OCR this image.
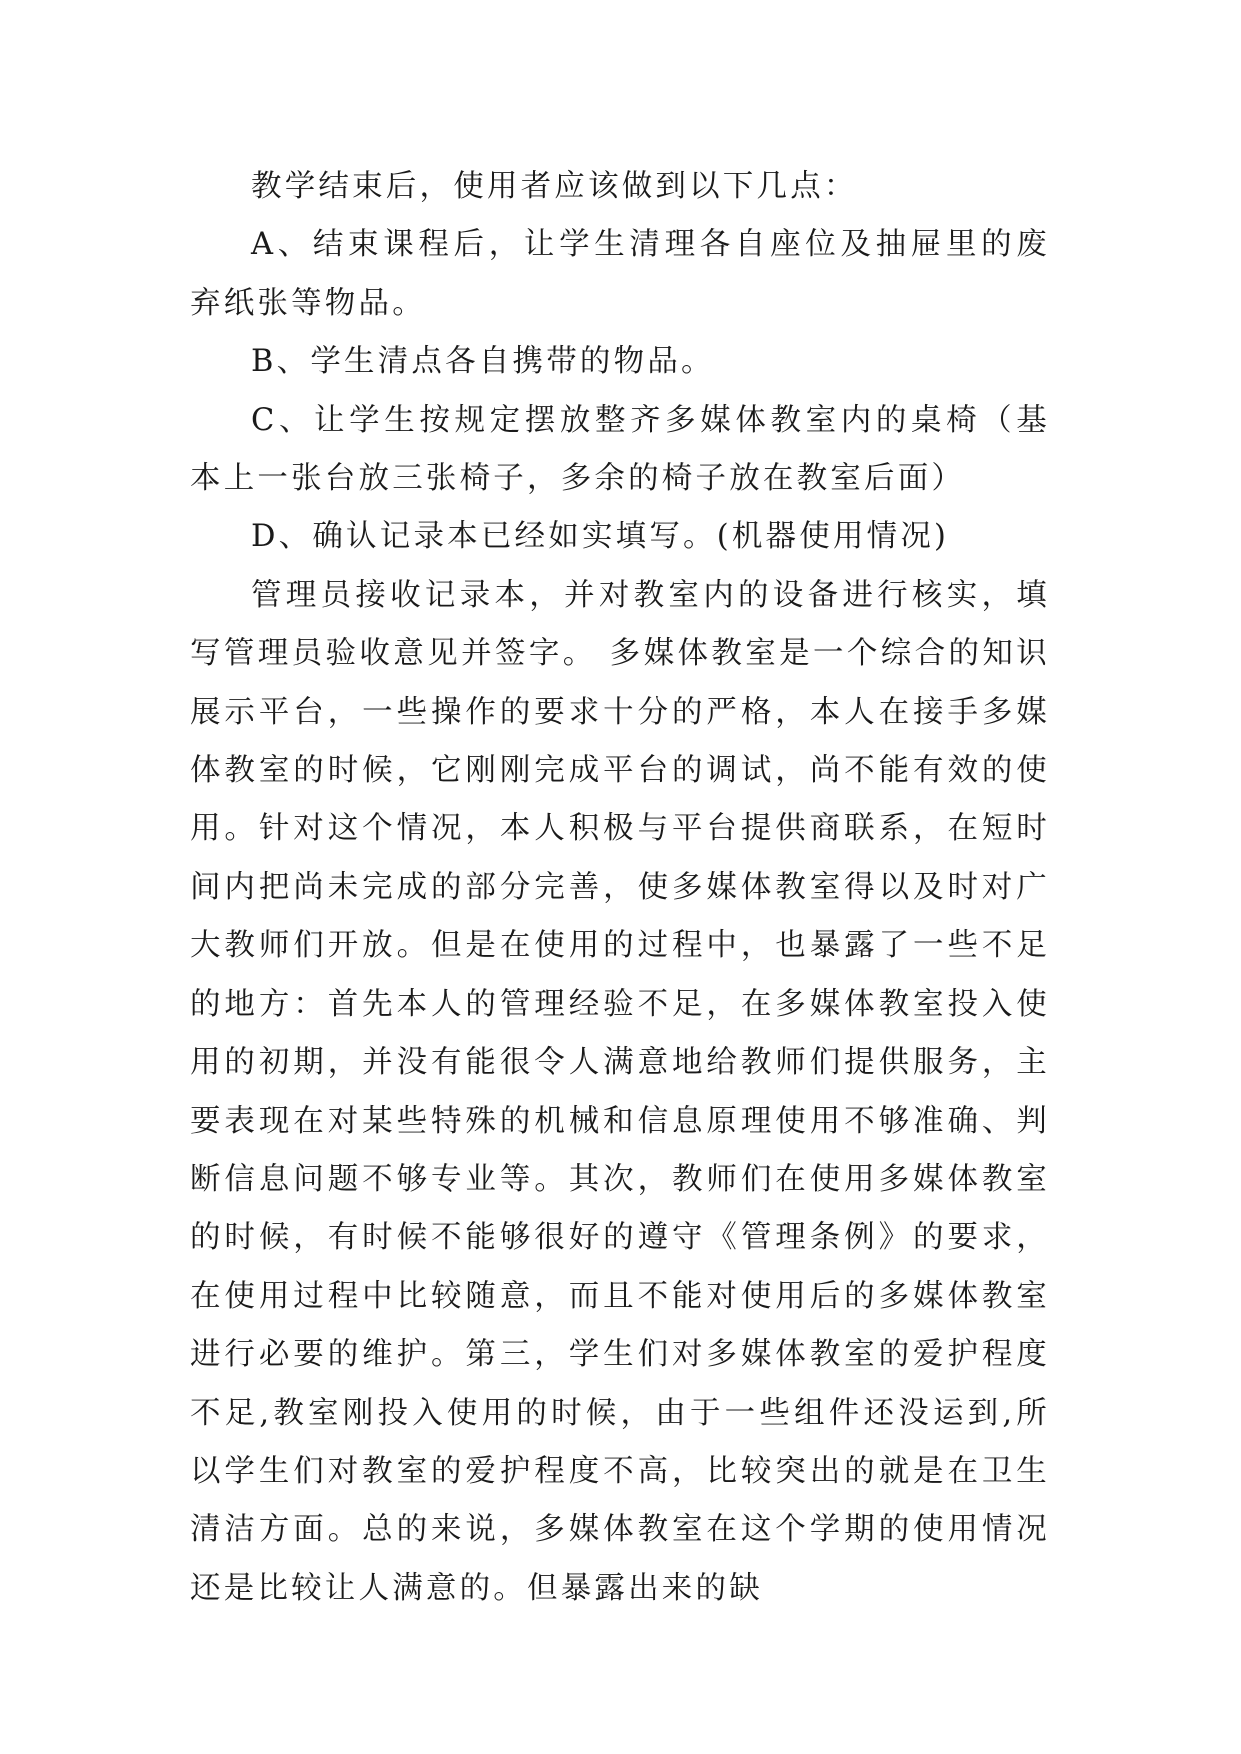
教学结束后，使用者应该做到以下几点：

A、结束课程后，让学生清理各自座位及抽屉里的废弃纸张等物品。

B、学生清点各自携带的物品。

C、让学生按规定摆放整齐多媒体教室内的桌椅（基本上一张台放三张椅子，多余的椅子放在教室后面）

D、确认记录本已经如实填写。(机器使用情况)

管理员接收记录本，并对教室内的设备进行核实，填写管理员验收意见并签字。 多媒体教室是一个综合的知识展示平台，一些操作的要求十分的严格，本人在接手多媒体教室的时候，它刚刚完成平台的调试，尚不能有效的使用。针对这个情况，本人积极与平台提供商联系，在短时间内把尚未完成的部分完善，使多媒体教室得以及时对广大教师们开放。但是在使用的过程中，也暴露了一些不足的地方：首先本人的管理经验不足，在多媒体教室投入使用的初期，并没有能很令人满意地给教师们提供服务，主要表现在对某些特殊的机械和信息原理使用不够准确、判断信息问题不够专业等。其次，教师们在使用多媒体教室的时候，有时候不能够很好的遵守《管理条例》的要求，在使用过程中比较随意，而且不能对使用后的多媒体教室进行必要的维护。第三，学生们对多媒体教室的爱护程度不足,教室刚投入使用的时候，由于一些组件还没运到,所以学生们对教室的爱护程度不高，比较突出的就是在卫生清洁方面。总的来说，多媒体教室在这个学期的使用情况还是比较让人满意的。但暴露出来的缺
